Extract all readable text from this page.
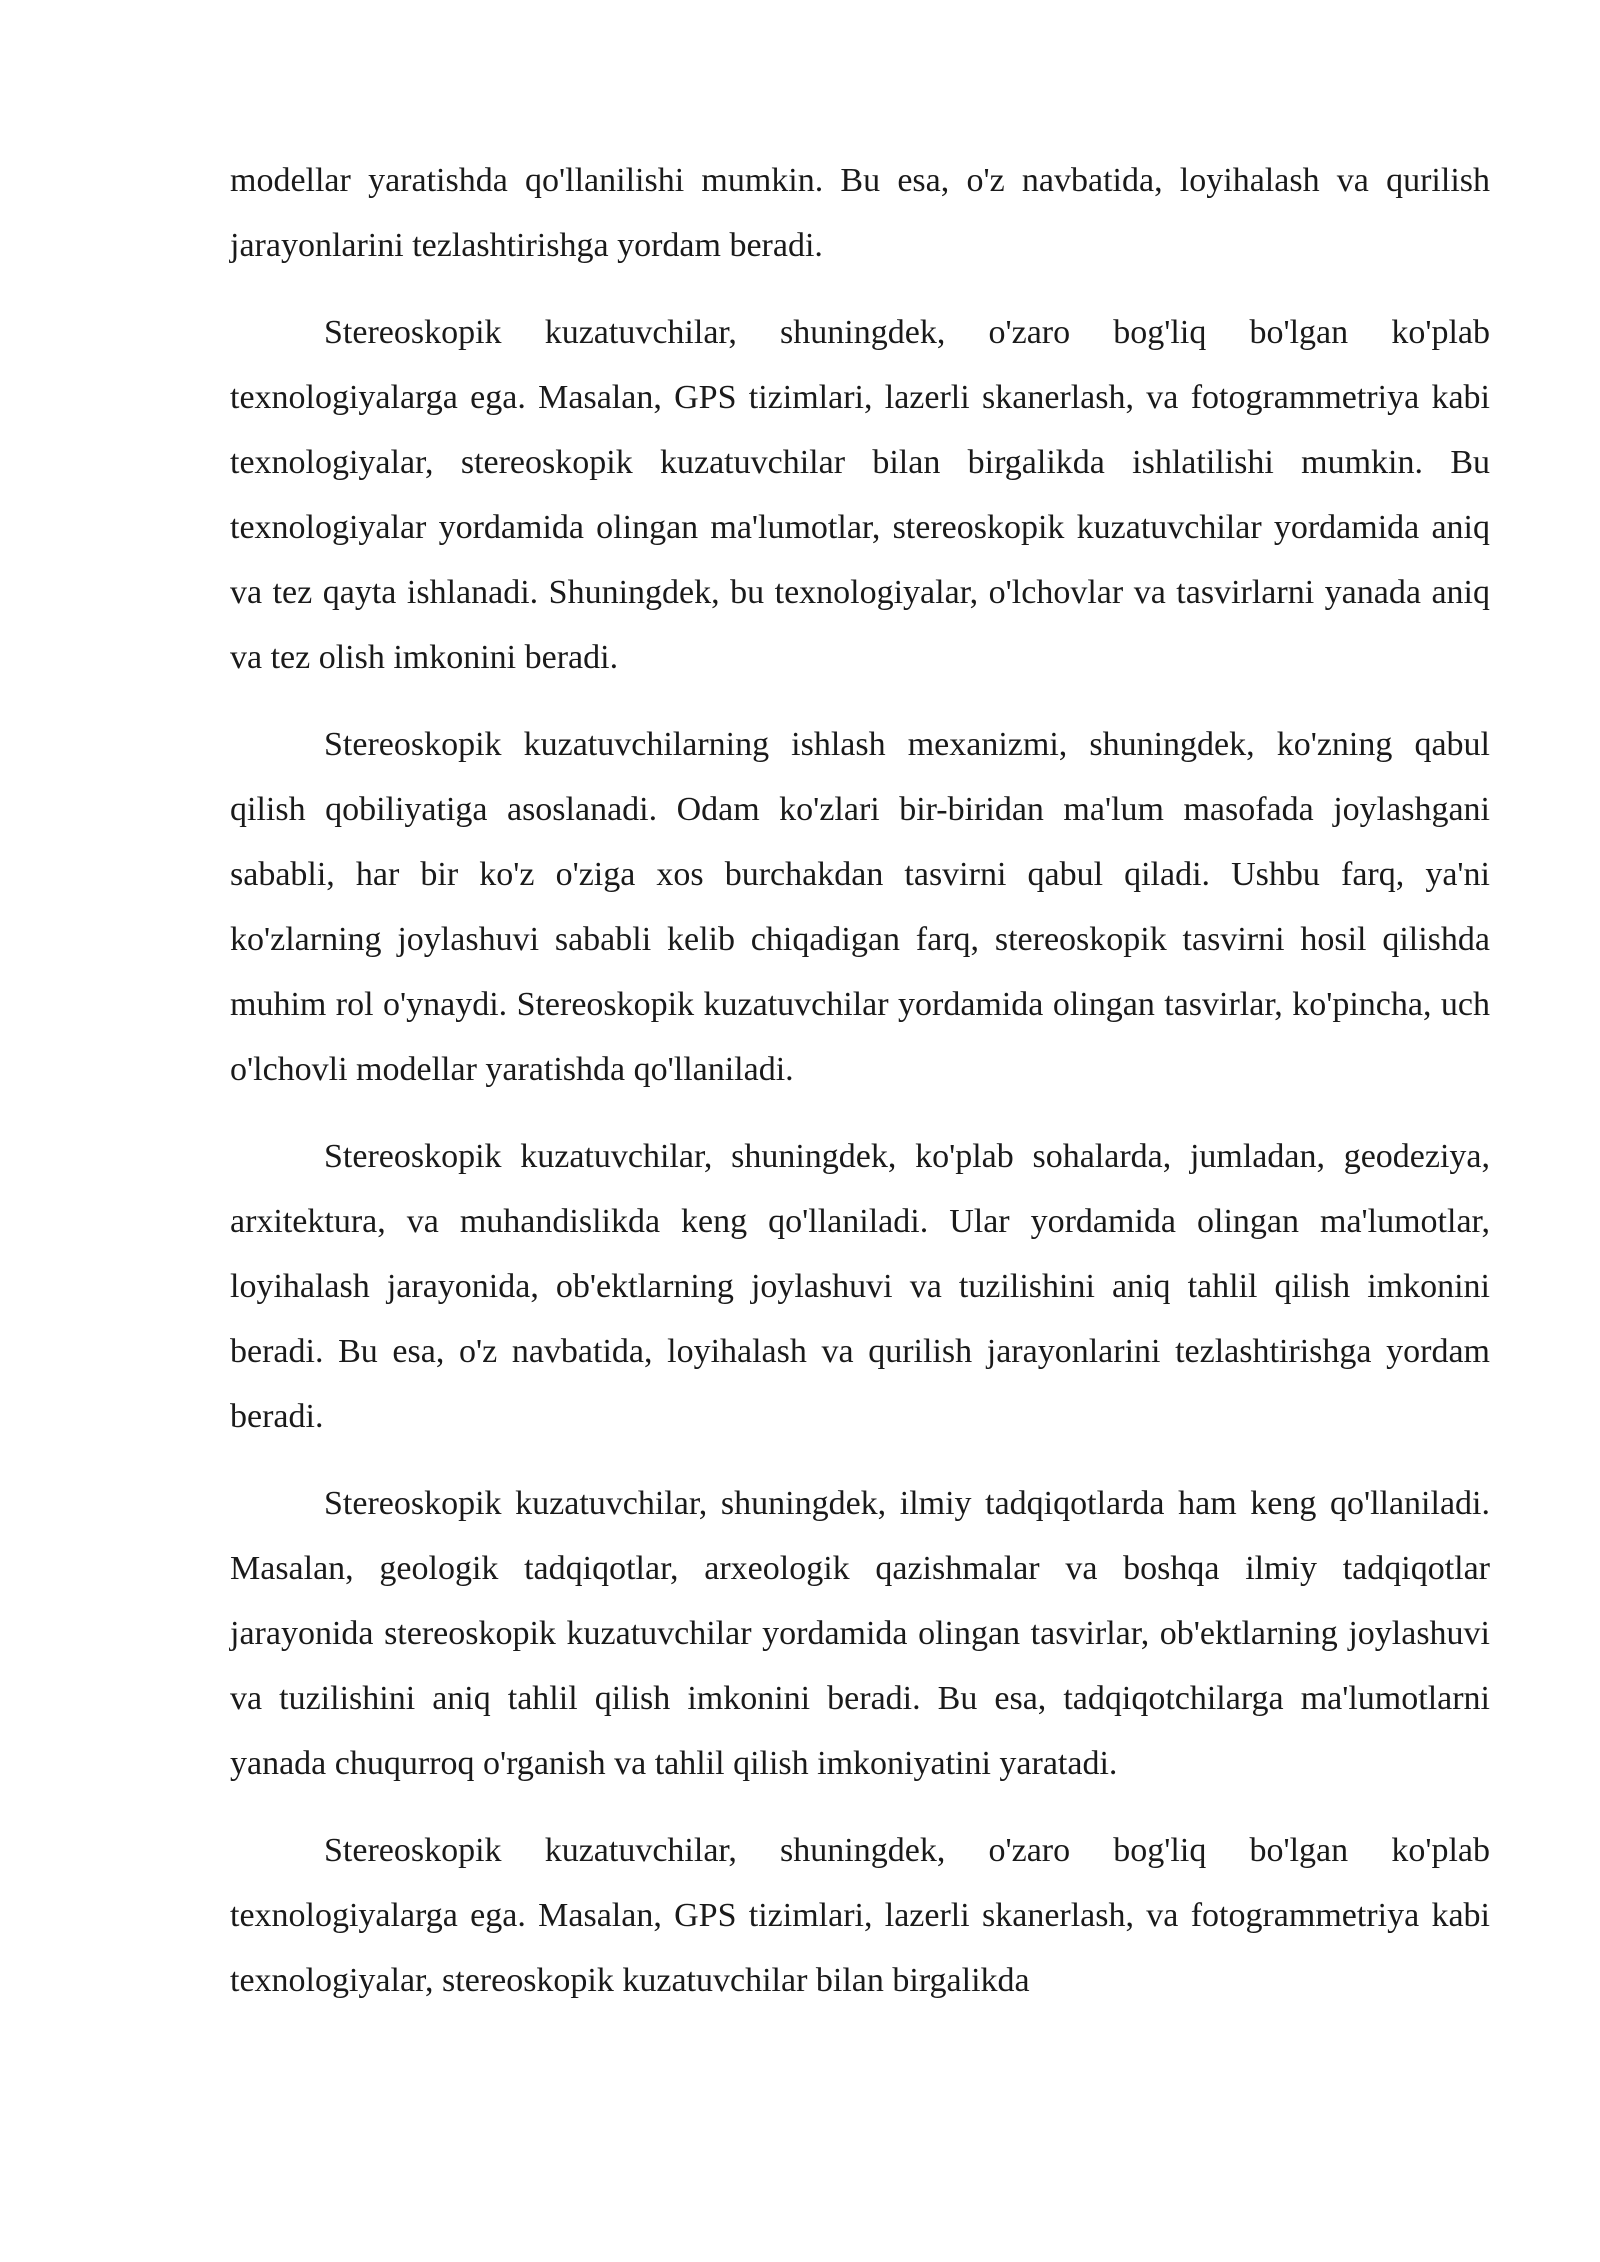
modellar yaratishda qo'llanilishi mumkin. Bu esa, o'z navbatida, loyihalash va qurilish jarayonlarini tezlashtirishga yordam beradi.

Stereoskopik kuzatuvchilar, shuningdek, o'zaro bog'liq bo'lgan ko'plab texnologiyalarga ega. Masalan, GPS tizimlari, lazerli skanerlash, va fotogrammetriya kabi texnologiyalar, stereoskopik kuzatuvchilar bilan birgalikda ishlatilishi mumkin. Bu texnologiyalar yordamida olingan ma'lumotlar, stereoskopik kuzatuvchilar yordamida aniq va tez qayta ishlanadi. Shuningdek, bu texnologiyalar, o'lchovlar va tasvirlarni yanada aniq va tez olish imkonini beradi.

Stereoskopik kuzatuvchilarning ishlash mexanizmi, shuningdek, ko'zning qabul qilish qobiliyatiga asoslanadi. Odam ko'zlari bir-biridan ma'lum masofada joylashgani sababli, har bir ko'z o'ziga xos burchakdan tasvirni qabul qiladi. Ushbu farq, ya'ni ko'zlarning joylashuvi sababli kelib chiqadigan farq, stereoskopik tasvirni hosil qilishda muhim rol o'ynaydi. Stereoskopik kuzatuvchilar yordamida olingan tasvirlar, ko'pincha, uch o'lchovli modellar yaratishda qo'llaniladi.

Stereoskopik kuzatuvchilar, shuningdek, ko'plab sohalarda, jumladan, geodeziya, arxitektura, va muhandislikda keng qo'llaniladi. Ular yordamida olingan ma'lumotlar, loyihalash jarayonida, ob'ektlarning joylashuvi va tuzilishini aniq tahlil qilish imkonini beradi. Bu esa, o'z navbatida, loyihalash va qurilish jarayonlarini tezlashtirishga yordam beradi.

Stereoskopik kuzatuvchilar, shuningdek, ilmiy tadqiqotlarda ham keng qo'llaniladi. Masalan, geologik tadqiqotlar, arxeologik qazishmalar va boshqa ilmiy tadqiqotlar jarayonida stereoskopik kuzatuvchilar yordamida olingan tasvirlar, ob'ektlarning joylashuvi va tuzilishini aniq tahlil qilish imkonini beradi. Bu esa, tadqiqotchilarga ma'lumotlarni yanada chuqurroq o'rganish va tahlil qilish imkoniyatini yaratadi.

Stereoskopik kuzatuvchilar, shuningdek, o'zaro bog'liq bo'lgan ko'plab texnologiyalarga ega. Masalan, GPS tizimlari, lazerli skanerlash, va fotogrammetriya kabi texnologiyalar, stereoskopik kuzatuvchilar bilan birgalikda
